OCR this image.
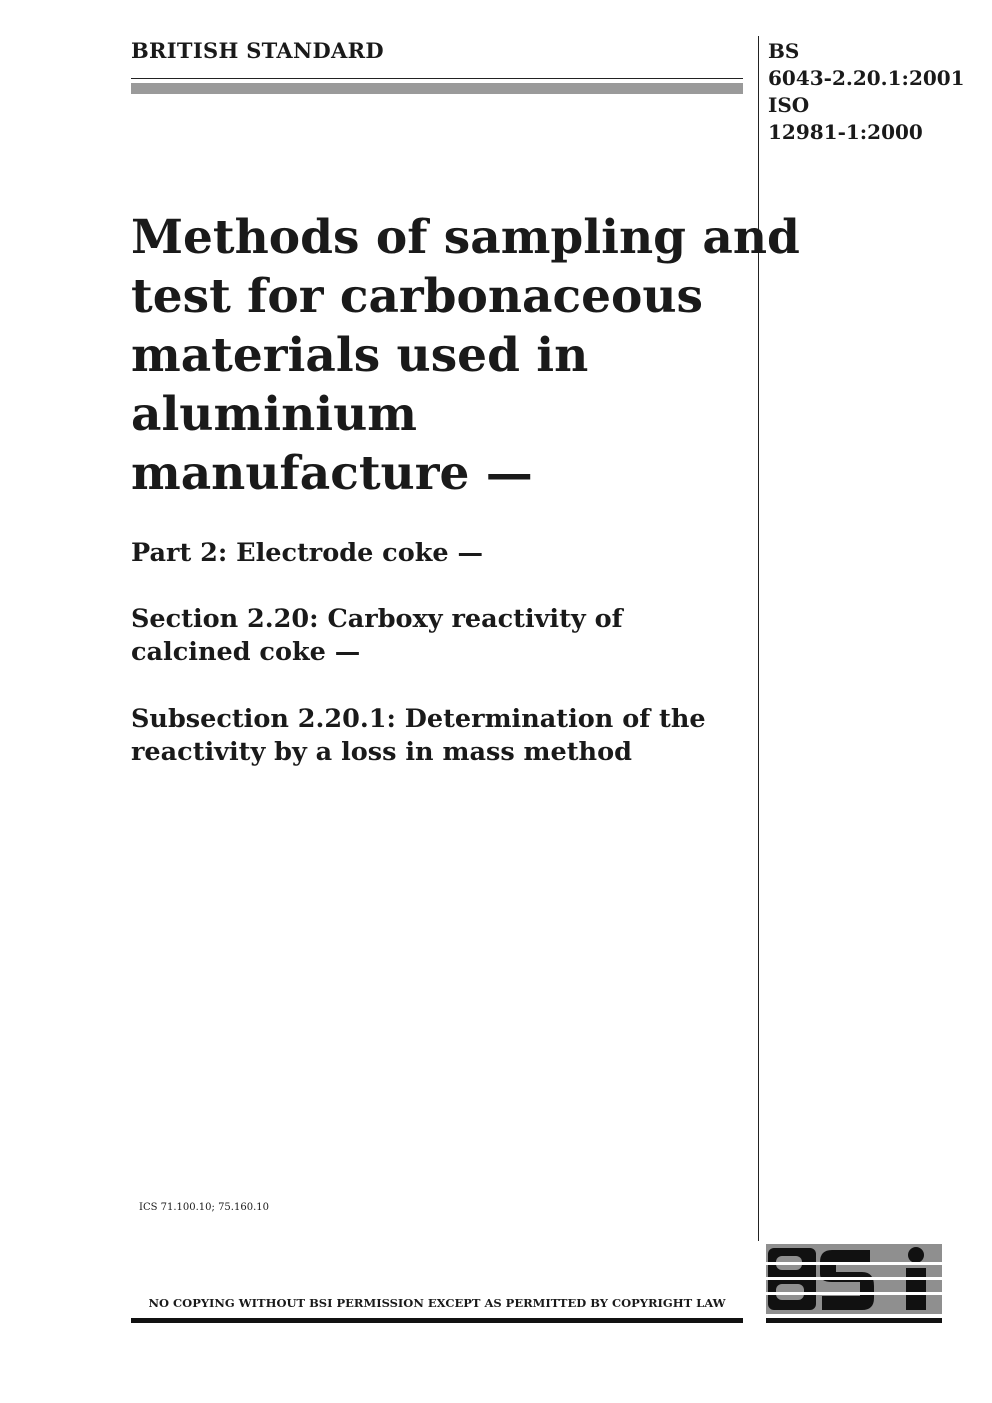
BRITISH STANDARD	BS
6043-2.20.1:2001
ISO
12981-1:2000
Methods of sampling and
test for carbonaceous
materials used in
aluminium
manufacture —
Part 2: Electrode coke —
Section 2.20: Carboxy reactivity of
calcined coke —
Subsection 2.20.1: Determination of the
reactivity by a loss in mass method
ICS 71.100.10; 75.160.10
NO COPYING WITHOUT BSI PERMISSION EXCEPT AS PERMITTED BY COPYRIGHT LAW
